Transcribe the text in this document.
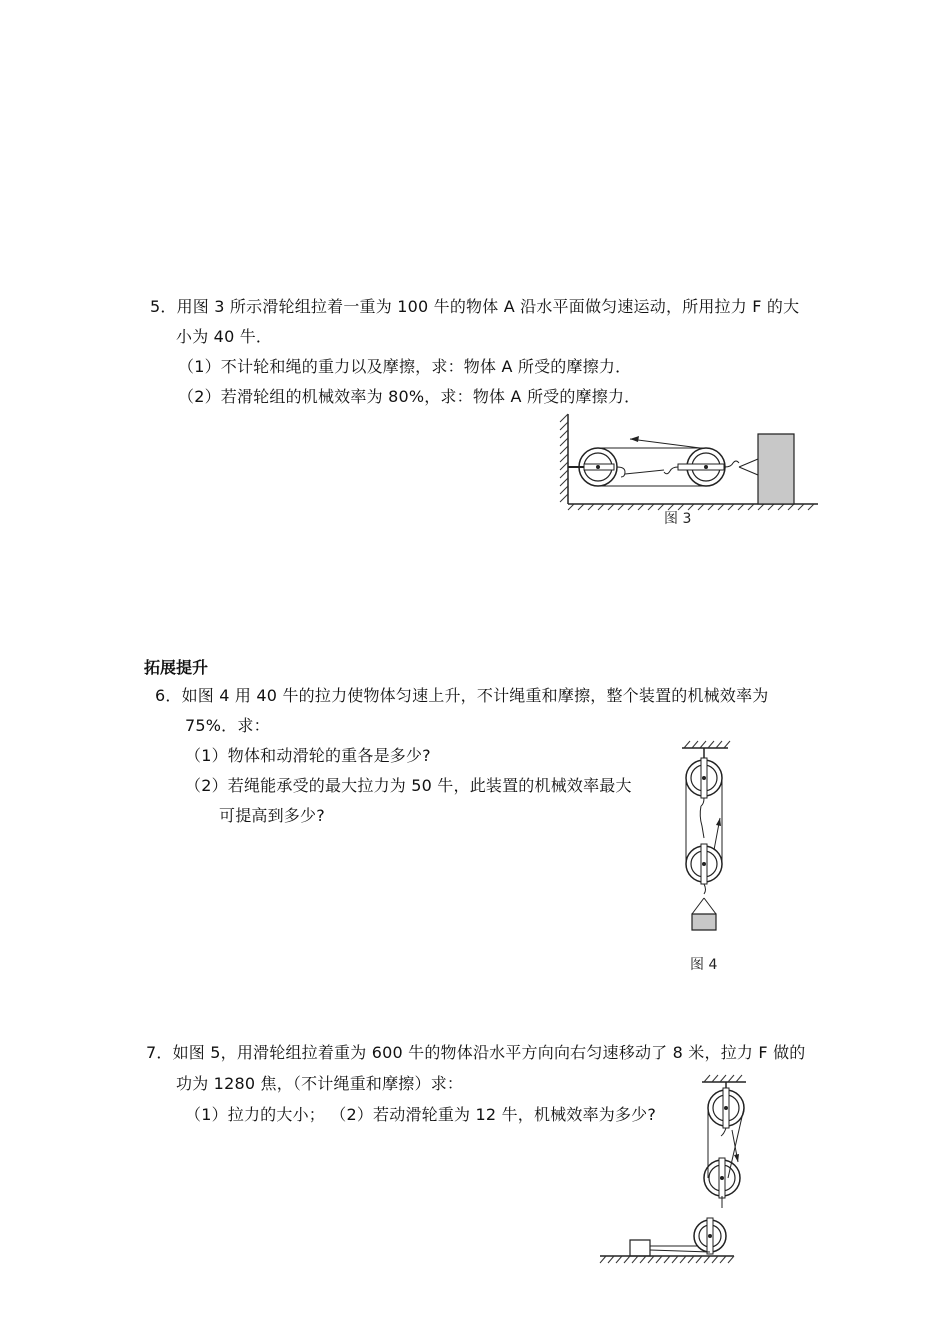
5．用图 3 所示滑轮组拉着一重为 100 牛的物体 A 沿水平面做匀速运动，所用拉力 F 的大
小为 40 牛．
（1）不计轮和绳的重力以及摩擦，求：物体 A 所受的摩擦力．
（2）若滑轮组的机械效率为 80%，求：物体 A 所受的摩擦力．
图 3
拓展提升
6．如图 4 用 40 牛的拉力使物体匀速上升，不计绳重和摩擦，整个装置的机械效率为
75%．求：
（1）物体和动滑轮的重各是多少?
（2）若绳能承受的最大拉力为 50 牛，此装置的机械效率最大
可提高到多少?
图 4
7．如图 5，用滑轮组拉着重为 600 牛的物体沿水平方向向右匀速移动了 8 米，拉力 F 做的
功为 1280 焦，（不计绳重和摩擦）求：
（1）拉力的大小； （2）若动滑轮重为 12 牛，机械效率为多少?
